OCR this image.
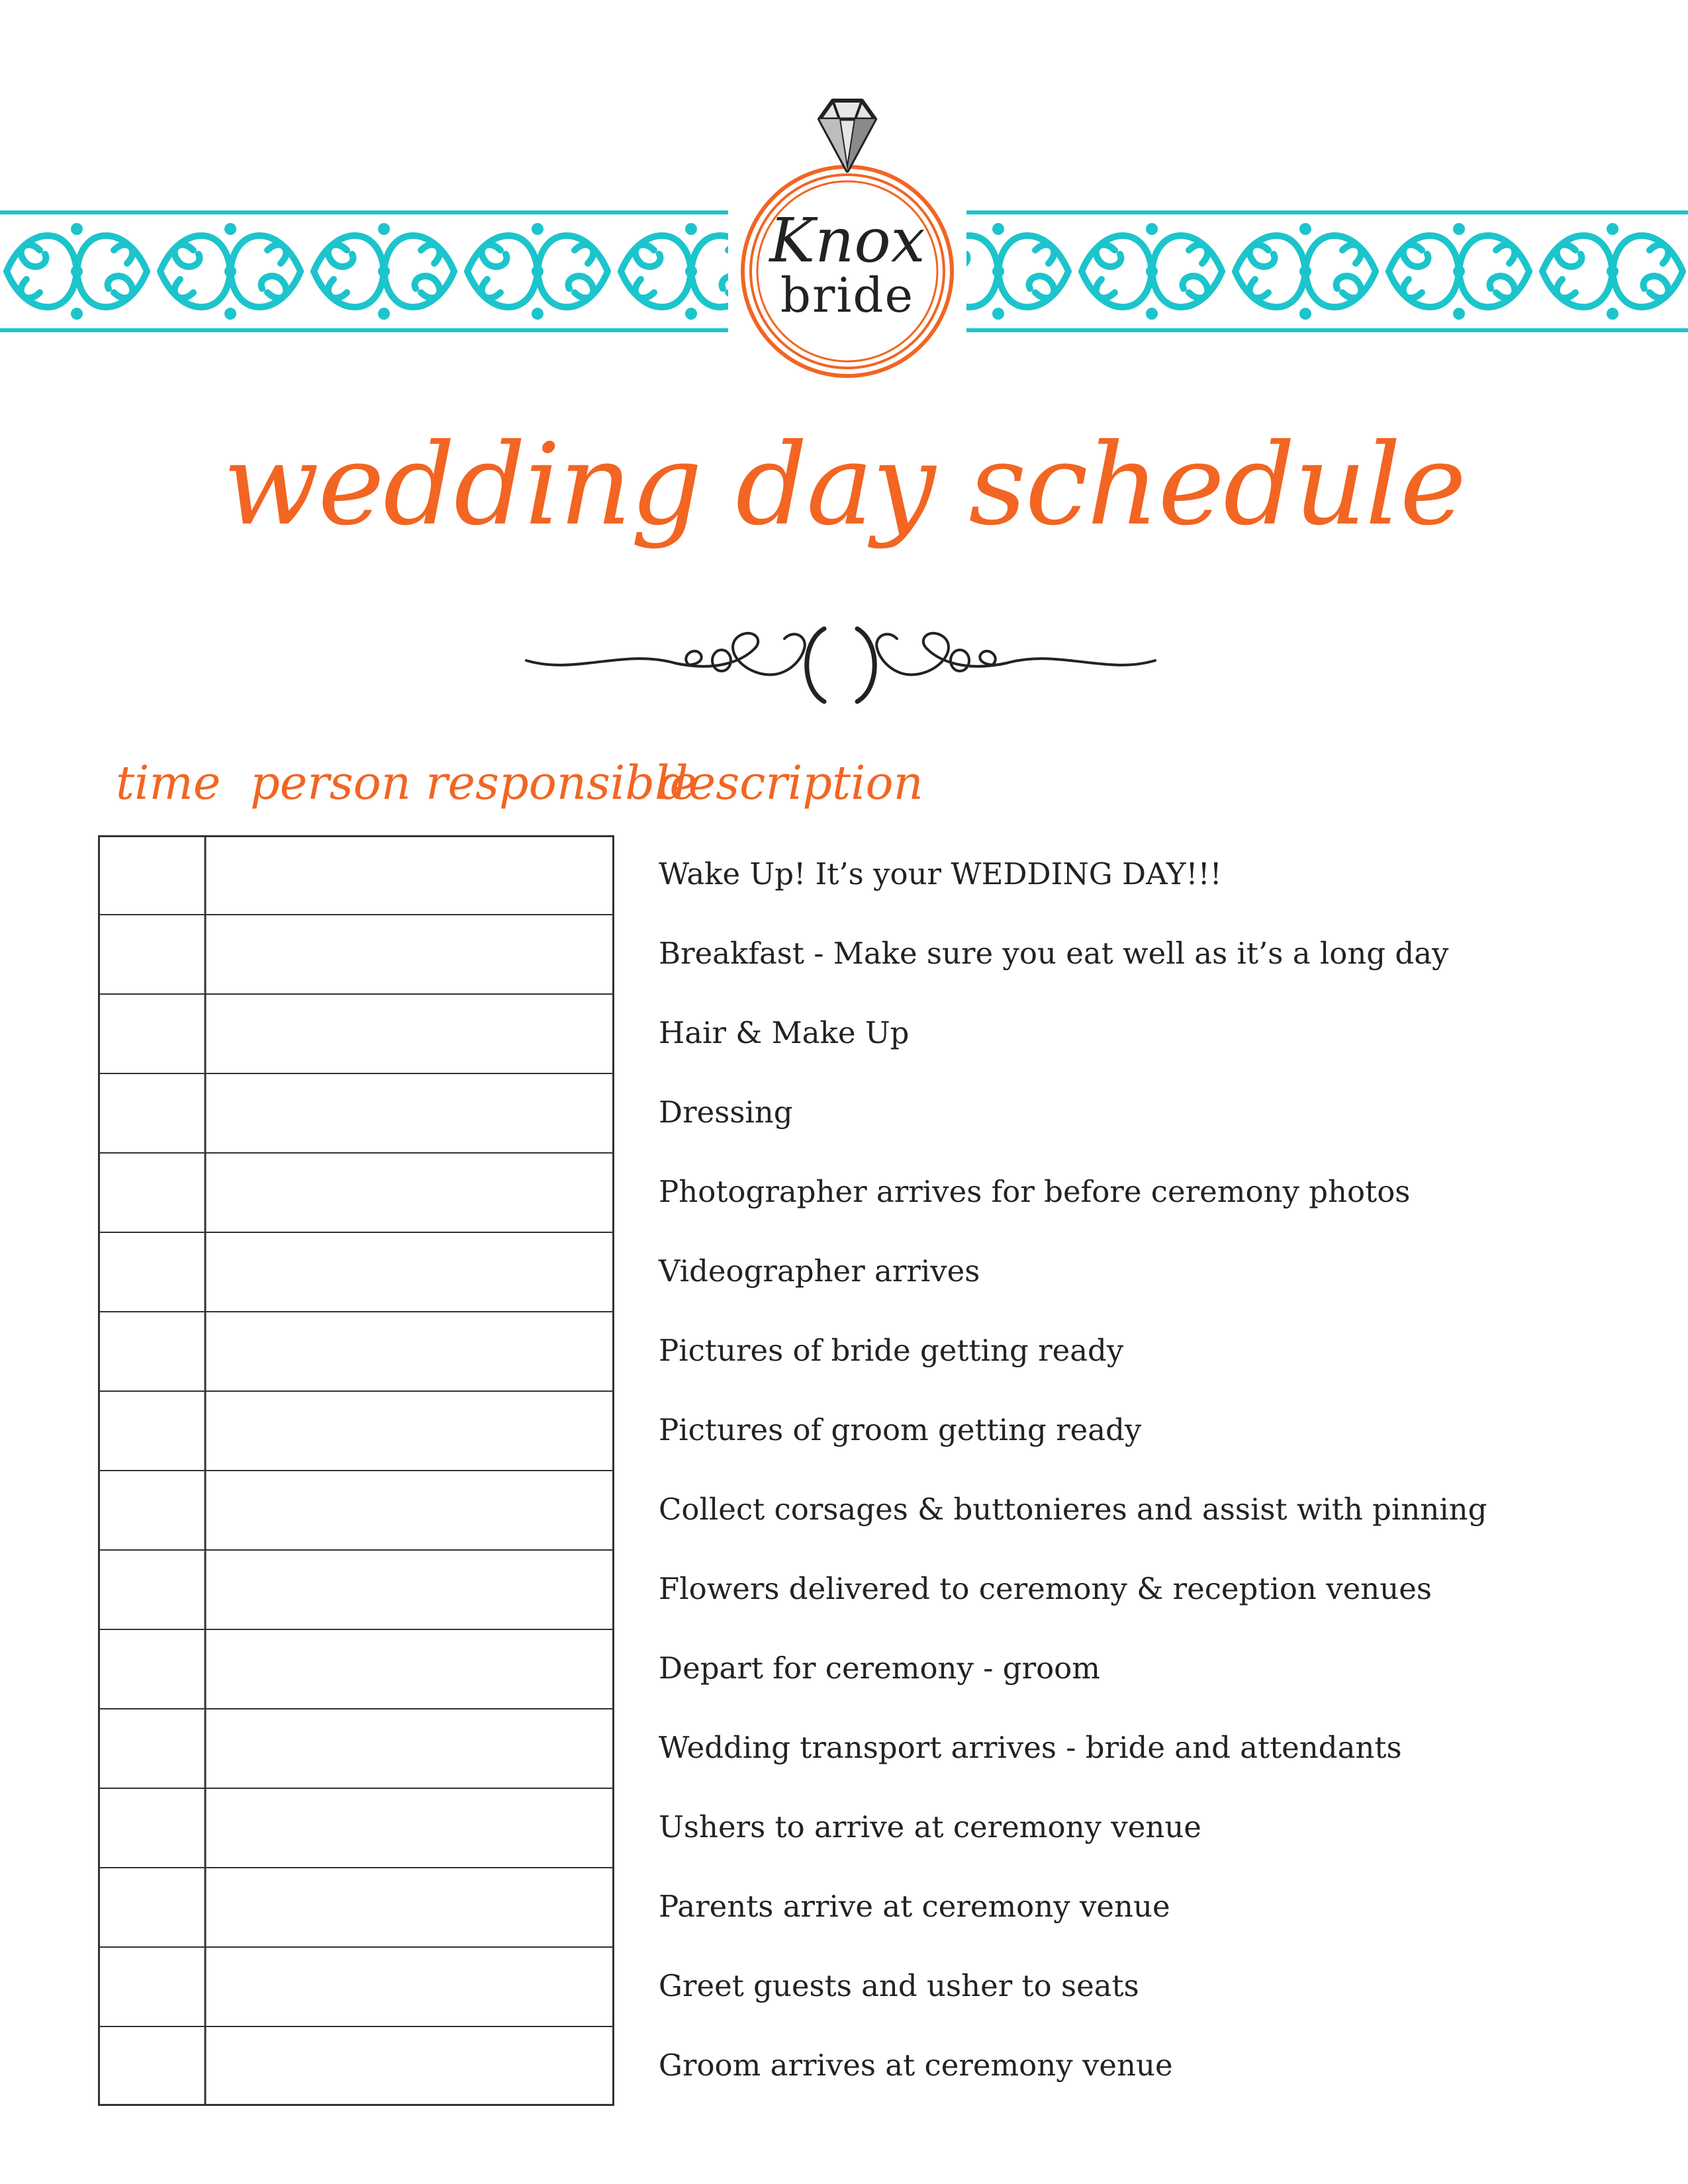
Knox
bride
wedding day schedule
time person responsible
description
Wake Up! It’s your WEDDING DAY!!!
Breakfast - Make sure you eat well as it’s a long day
Hair & Make Up
Dressing
Photographer arrives for before ceremony photos
Videographer arrives
Pictures of bride getting ready
Pictures of groom getting ready
Collect corsages & buttonieres and assist with pinning
Flowers delivered to ceremony & reception venues
Depart for ceremony - groom
Wedding transport arrives - bride and attendants
Ushers to arrive at ceremony venue
Parents arrive at ceremony venue
Greet guests and usher to seats
Groom arrives at ceremony venue
